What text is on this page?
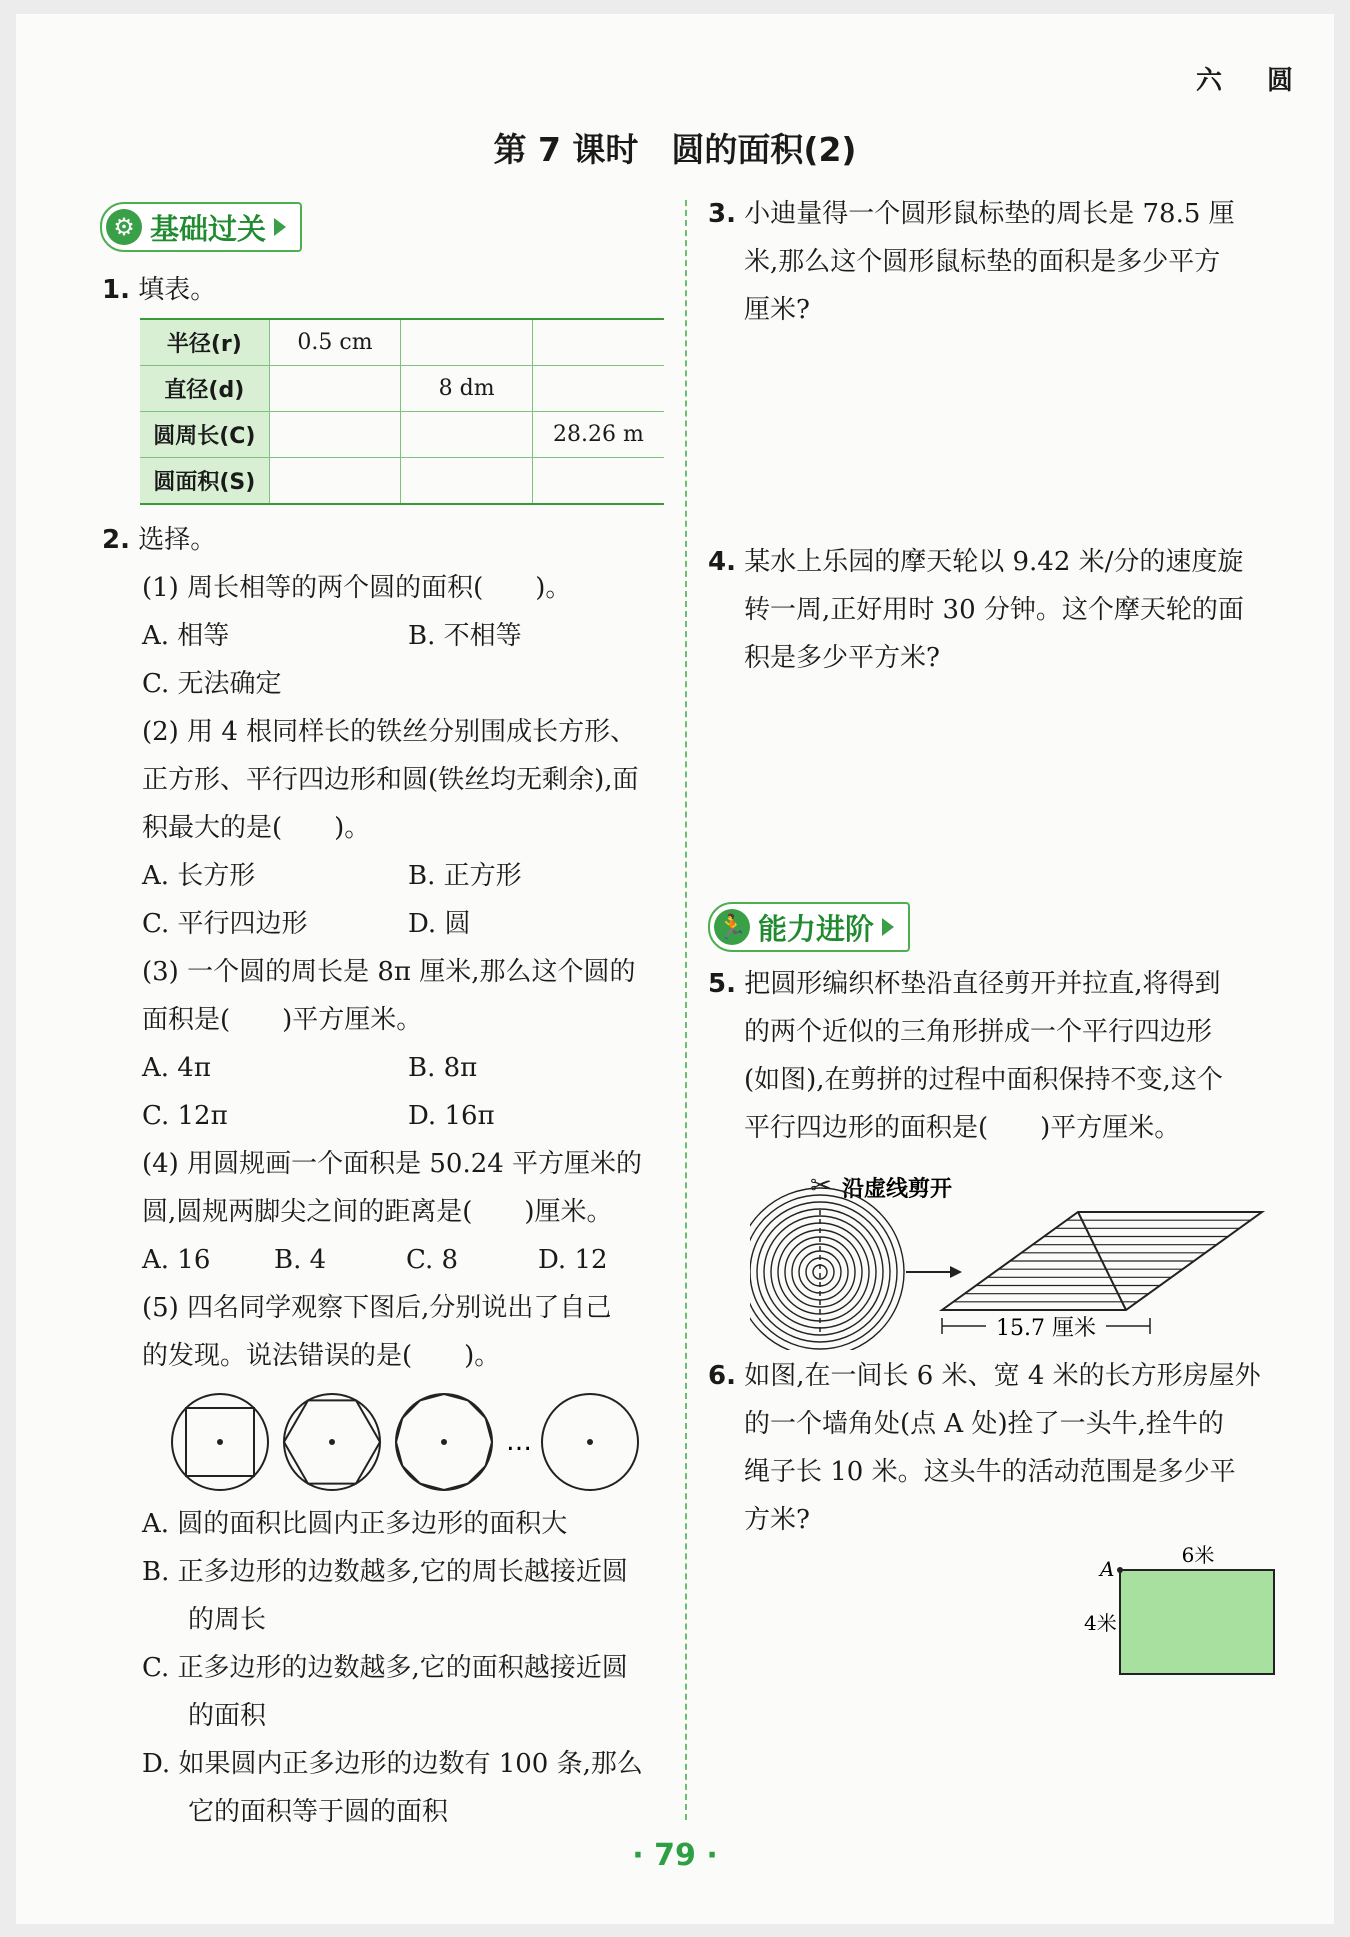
六 圆
第 7 课时　圆的面积(2)
⚙ 基础过关
1. 填表。
半径(r)	0.5 cm		
直径(d)		8 dm	
圆周长(C)			28.26 m
圆面积(S)			
2. 选择。
(1) 周长相等的两个圆的面积(　　)。
A. 相等	B. 不相等
C. 无法确定
(2) 用 4 根同样长的铁丝分别围成长方形、
正方形、平行四边形和圆(铁丝均无剩余),面
积最大的是(　　)。
A. 长方形	B. 正方形
C. 平行四边形	D. 圆
(3) 一个圆的周长是 8π 厘米,那么这个圆的
面积是(　　)平方厘米。
A. 4π	B. 8π
C. 12π	D. 16π
(4) 用圆规画一个面积是 50.24 平方厘米的
圆,圆规两脚尖之间的距离是(　　)厘米。
A. 16 B. 4	C. 8	D. 12
(5) 四名同学观察下图后,分别说出了自己
的发现。说法错误的是(　　)。
…
A. 圆的面积比圆内正多边形的面积大
B. 正多边形的边数越多,它的周长越接近圆
的周长
C. 正多边形的边数越多,它的面积越接近圆
的面积
D. 如果圆内正多边形的边数有 100 条,那么
它的面积等于圆的面积
3. 小迪量得一个圆形鼠标垫的周长是 78.5 厘
米,那么这个圆形鼠标垫的面积是多少平方
厘米?
4. 某水上乐园的摩天轮以 9.42 米/分的速度旋
转一周,正好用时 30 分钟。这个摩天轮的面
积是多少平方米?
🏃 能力进阶
5. 把圆形编织杯垫沿直径剪开并拉直,将得到
的两个近似的三角形拼成一个平行四边形
(如图),在剪拼的过程中面积保持不变,这个
平行四边形的面积是(　　)平方厘米。
✂ 沿虚线剪开
15.7 厘米
6. 如图,在一间长 6 米、宽 4 米的长方形房屋外
的一个墙角处(点 A 处)拴了一头牛,拴牛的
绳子长 10 米。这头牛的活动范围是多少平
方米?
A
6米
4米
· 79 ·
